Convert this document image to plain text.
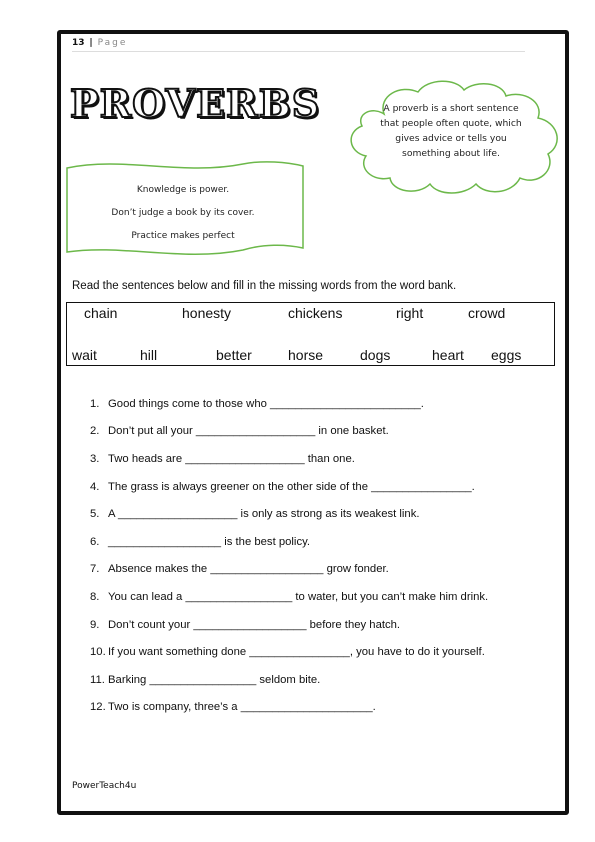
13 | Page
PROVERBS	A proverb is a short sentence that people often quote, which gives advice or tells you something about life.
Knowledge is power.
Don’t judge a book by its cover.
Practice makes perfect
Read the sentences below and fill in the missing words from the word bank.
chain	honesty	chickens	right	crowd
wait	hill	better	horse	dogs	heart eggs
1. Good things come to those who ________________________.
2. Don’t put all your ___________________ in one basket.
3. Two heads are ___________________ than one.
4. The grass is always greener on the other side of the ________________.
5. A ___________________ is only as strong as its weakest link.
6. __________________ is the best policy.
7. Absence makes the __________________ grow fonder.
8. You can lead a _________________ to water, but you can’t make him drink.
9. Don’t count your __________________ before they hatch.
10. If you want something done ________________, you have to do it yourself.
11. Barking _________________ seldom bite.
12. Two is company, three’s a _____________________.
PowerTeach4u
